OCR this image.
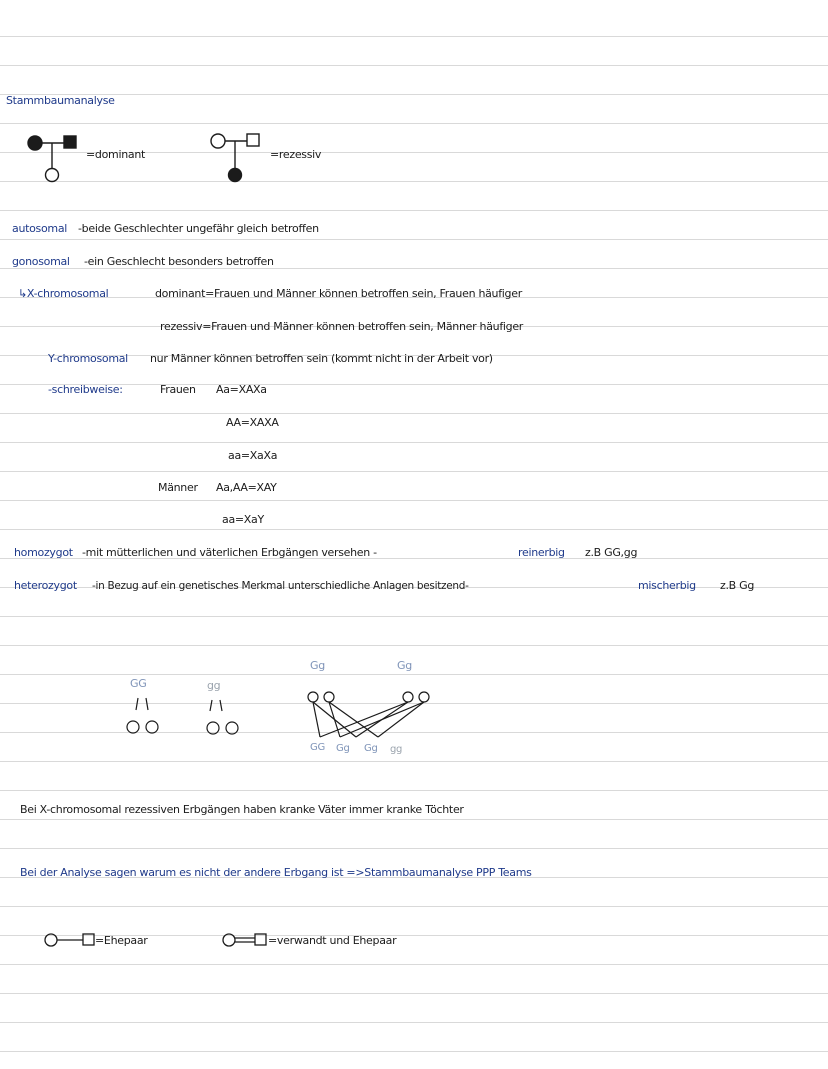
Stammbaumanalyse
=dominant	=rezessiv
autosomal -beide Geschlechter ungefähr gleich betroffen
gonosomal -ein Geschlecht besonders betroffen
↳X-chromosomal	dominant=Frauen und Männer können betroffen sein, Frauen häufiger
rezessiv=Frauen und Männer können betroffen sein, Männer häufiger
Y-chromosomal nur Männer können betroffen sein (kommt nicht in der Arbeit vor)
-schreibweise:	Frauen Aa=XAXa
AA=XAXA
aa=XaXa
Männer Aa,AA=XAY
aa=XaY
homozygot -mit mütterlichen und väterlichen Erbgängen versehen -	reinerbig z.B GG,gg
heterozygot -in Bezug auf ein genetisches Merkmal unterschiedliche Anlagen besitzend-	mischerbig z.B Gg
GG	gg
Gg	Gg
GG Gg Gg gg
Bei X-chromosomal rezessiven Erbgängen haben kranke Väter immer kranke Töchter
Bei der Analyse sagen warum es nicht der andere Erbgang ist =>Stammbaumanalyse PPP Teams
=Ehepaar	=verwandt und Ehepaar
